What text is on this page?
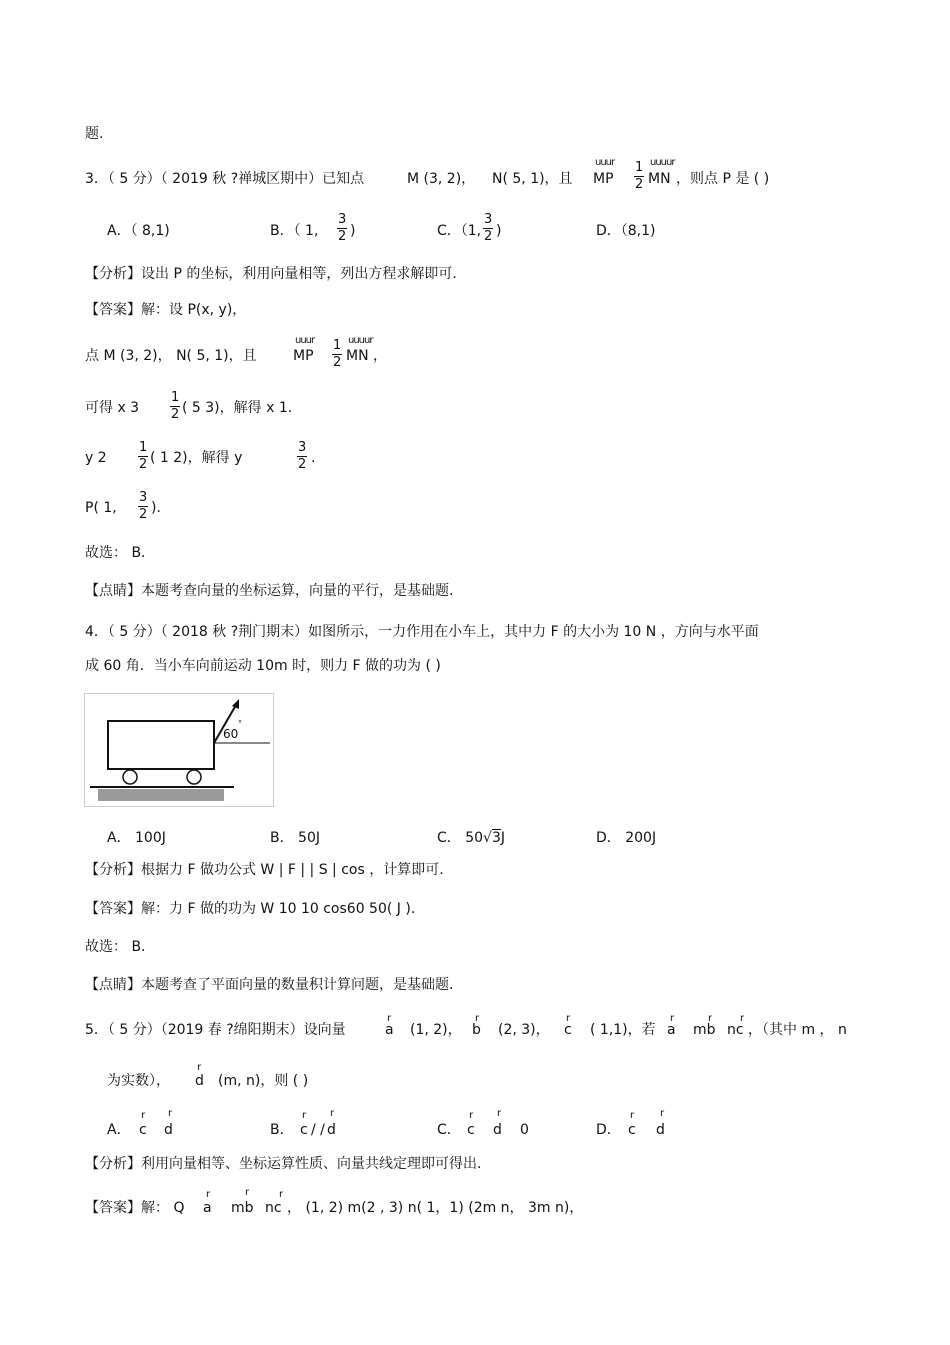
题.
3．（ 5 分）（ 2019 秋 ?禅城区期中）已知点	M (3, 2)， N( 5, 1)，且
uuur
MP $\frac{1}{2}$ uuuur
MN ，则点 P 是 ( )
A．（ 8,1)	B．（ 1, $\frac{3}{2}$ )	C．（1, $\frac{3}{2}$ )	D．（8,1)
【分析】设出 P 的坐标，利用向量相等，列出方程求解即可.
【答案】解：设 P(x, y)，
点 M (3, 2)， N( 5, 1)，且
uuur
MP $\frac{1}{2}$ uuuur
MN ，
可得 x $3 \frac{1}{2}$ ( 5 3)，解得 x 1．
y $2 \frac{1}{2}$ ( 1 2)，解得 y	$\frac{3}{2}$ .
P( 1, $\frac{3}{2}$ )．
故选： B．
【点睛】本题考查向量的坐标运算，向量的平行，是基础题.
4．（ 5 分）（ 2018 秋 ?荆门期末）如图所示，一力作用在小车上，其中力 F 的大小为 10 N ，方向与水平面
成 60 角．当小车向前运动 10m 时，则力 F 做的功为 ( )
60
°
A． 100J	B． 50J	C． 50√3J	D． 200J
【分析】根据力 F 做功公式 W | F | | S | cos ，计算即可.
【答案】解：力 F 做的功为 W 10 10 cos60 50( J )．
故选： B．
【点睛】本题考查了平面向量的数量积计算问题，是基础题.
5．（ 5 分）（2019 春 ?绵阳期末）设向量
r
a (1, 2)，
r
b (2, 3)，
r
c ( 1,1)，若
r
a
r
mb
r
nc ，（其中 m ， n
为实数），
r
d (m, n)，则 ( )
A．
r
c
r
d	B．
r
c / /
r
d	C．
r
c
r
d 0	D．
r
c
r
d
【分析】利用向量相等、坐标运算性质、向量共线定理即可得出.
【答案】解： Q
r
a
r
mb
r
nc ， (1, 2) m(2 , 3) n( 1，1) (2m n， 3m n)，
